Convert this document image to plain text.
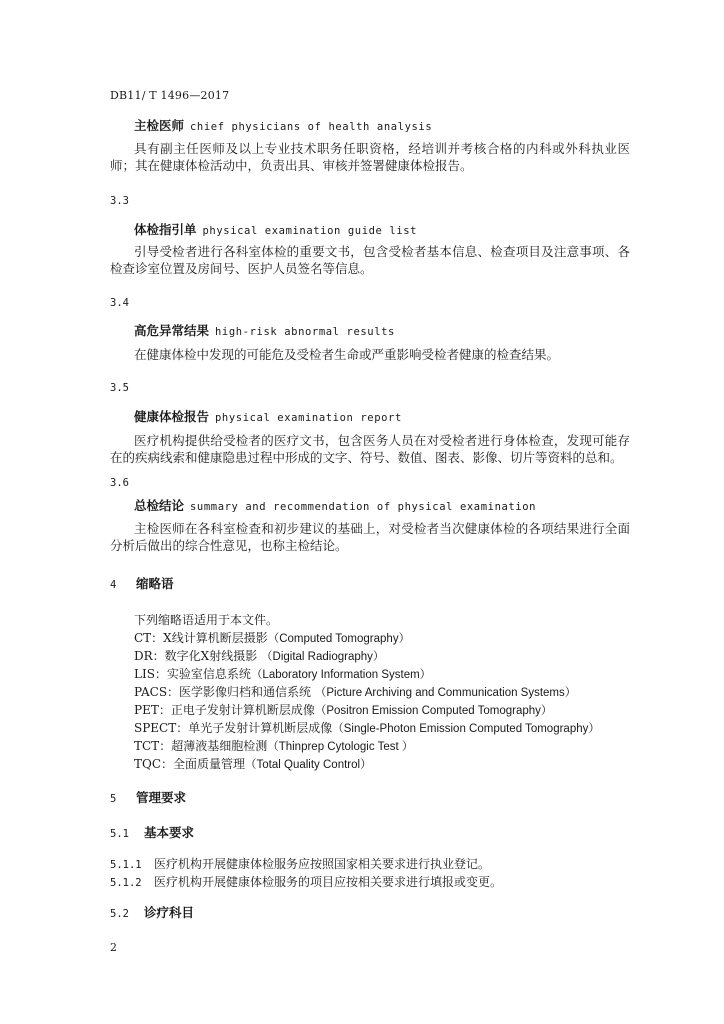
DB11/ T 1496—2017
主检医师 chief physicians of health analysis
具有副主任医师及以上专业技术职务任职资格，经培训并考核合格的内科或外科执业医师；其在健康体检活动中，负责出具、审核并签署健康体检报告。
3.3
体检指引单 physical examination guide list
引导受检者进行各科室体检的重要文书，包含受检者基本信息、检查项目及注意事项、各检查诊室位置及房间号、医护人员签名等信息。
3.4
高危异常结果 high-risk abnormal results
在健康体检中发现的可能危及受检者生命或严重影响受检者健康的检查结果。
3.5
健康体检报告 physical examination report
医疗机构提供给受检者的医疗文书，包含医务人员在对受检者进行身体检查，发现可能存在的疾病线索和健康隐患过程中形成的文字、符号、数值、图表、影像、切片等资料的总和。
3.6
总检结论 summary and recommendation of physical examination
主检医师在各科室检查和初步建议的基础上，对受检者当次健康体检的各项结果进行全面分析后做出的综合性意见，也称主检结论。
4 缩略语
下列缩略语适用于本文件。
CT：X线计算机断层摄影（Computed Tomography）
DR：数字化X射线摄影 （Digital Radiography）
LIS：实验室信息系统（Laboratory Information System）
PACS：医学影像归档和通信系统 （Picture Archiving and Communication Systems）
PET：正电子发射计算机断层成像（Positron Emission Computed Tomography）
SPECT：单光子发射计算机断层成像（Single-Photon Emission Computed Tomography）
TCT：超薄液基细胞检测（Thinprep Cytologic Test ）
TQC：全面质量管理（Total Quality Control）
5 管理要求
5.1 基本要求
5.1.1 医疗机构开展健康体检服务应按照国家相关要求进行执业登记。
5.1.2 医疗机构开展健康体检服务的项目应按相关要求进行填报或变更。
5.2 诊疗科目
2
